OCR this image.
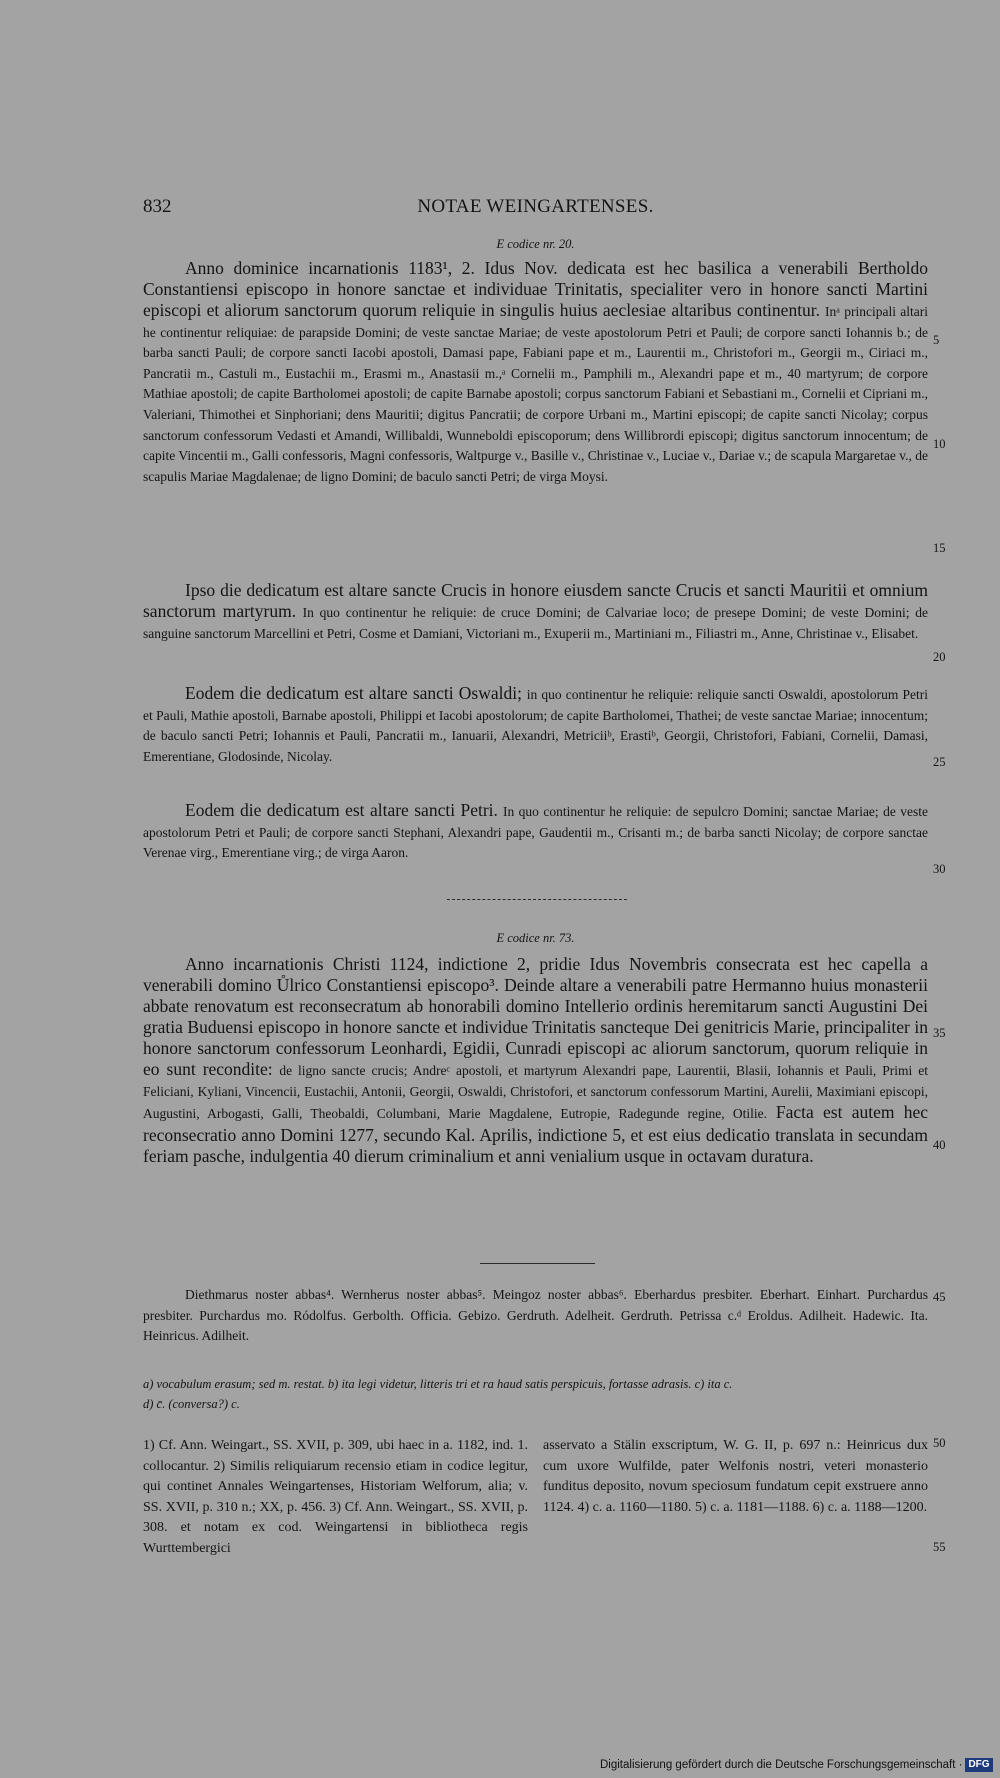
832	NOTAE WEINGARTENSES.
E codice nr. 20.

Anno dominice incarnationis 1183¹, 2. Idus Nov. dedicata est hec basilica a venerabili Bertholdo Constantiensi episcopo in honore sanctae et individuae Trinitatis, specialiter vero in honore sancti Martini episcopi et aliorum sanctorum quorum reliquie in singulis huius aeclesiae altaribus continentur. Inᵃ principali altari he continentur reliquiae: de parapside Domini; de veste sanctae Mariae; de veste apostolorum Petri et Pauli; de corpore sancti Iohannis b.; de barba sancti Pauli; de corpore sancti Iacobi apostoli, Damasi pape, Fabiani pape et m., Laurentii m., Christofori m., Georgii m., Ciriaci m., Pancratii m., Castuli m., Eustachii m., Erasmi m., Anastasii m.,ᵃ Cornelii m., Pamphili m., Alexandri pape et m., 40 martyrum; de corpore Mathiae apostoli; de capite Bartholomei apostoli; de capite Barnabe apostoli; corpus sanctorum Fabiani et Sebastiani m., Cornelii et Cipriani m., Valeriani, Thimothei et Sinphoriani; dens Mauritii; digitus Pancratii; de corpore Urbani m., Martini episcopi; de capite sancti Nicolay; corpus sanctorum confessorum Vedasti et Amandi, Willibaldi, Wunneboldi episcoporum; dens Willibrordi episcopi; digitus sanctorum innocentum; de capite Vincentii m., Galli confessoris, Magni confessoris, Waltpurge v., Basille v., Christinae v., Luciae v., Dariae v.; de scapula Margaretae v., de scapulis Mariae Magdalenae; de ligno Domini; de baculo sancti Petri; de virga Moysi.

Ipso die dedicatum est altare sancte Crucis in honore eiusdem sancte Crucis et sancti Mauritii et omnium sanctorum martyrum. In quo continentur he reliquie: de cruce Domini; de Calvariae loco; de presepe Domini; de veste Domini; de sanguine sanctorum Marcellini et Petri, Cosme et Damiani, Victoriani m., Exuperii m., Martiniani m., Filiastri m., Anne, Christinae v., Elisabet.

Eodem die dedicatum est altare sancti Oswaldi; in quo continentur he reliquie: reliquie sancti Oswaldi, apostolorum Petri et Pauli, Mathie apostoli, Barnabe apostoli, Philippi et Iacobi apostolorum; de capite Bartholomei, Thathei; de veste sanctae Mariae; innocentum; de baculo sancti Petri; Iohannis et Pauli, Pancratii m., Ianuarii, Alexandri, Metriciiᵇ, Erastiᵇ, Georgii, Christofori, Fabiani, Cornelii, Damasi, Emerentiane, Glodosinde, Nicolay.

Eodem die dedicatum est altare sancti Petri. In quo continentur he reliquie: de sepulcro Domini; sanctae Mariae; de veste apostolorum Petri et Pauli; de corpore sancti Stephani, Alexandri pape, Gaudentii m., Crisanti m.; de barba sancti Nicolay; de corpore sanctae Verenae virg., Emerentiane virg.; de virga Aaron.

E codice nr. 73.

Anno incarnationis Christi 1124, indictione 2, pridie Idus Novembris consecrata est hec capella a venerabili domino Ůlrico Constantiensi episcopo³. Deinde altare a venerabili patre Hermanno huius monasterii abbate renovatum est reconsecratum ab honorabili domino Intellerio ordinis heremitarum sancti Augustini Dei gratia Buduensi episcopo in honore sancte et individue Trinitatis sancteque Dei genitricis Marie, principaliter in honore sanctorum confessorum Leonhardi, Egidii, Cunradi episcopi ac aliorum sanctorum, quorum reliquie in eo sunt recondite: de ligno sancte crucis; Andreᶜ apostoli, et martyrum Alexandri pape, Laurentii, Blasii, Iohannis et Pauli, Primi et Feliciani, Kyliani, Vincencii, Eustachii, Antonii, Georgii, Oswaldi, Christofori, et sanctorum confessorum Martini, Aurelii, Maximiani episcopi, Augustini, Arbogasti, Galli, Theobaldi, Columbani, Marie Magdalene, Eutropie, Radegunde regine, Otilie. Facta est autem hec reconsecratio anno Domini 1277, secundo Kal. Aprilis, indictione 5, et est eius dedicatio translata in secundam feriam pasche, indulgentia 40 dierum criminalium et anni venialium usque in octavam duratura.

Diethmarus noster abbas⁴. Wernherus noster abbas⁵. Meingoz noster abbas⁶. Eberhardus presbiter. Eberhart. Einhart. Purchardus presbiter. Purchardus mo. Ródolfus. Gerbolth. Officia. Gebizo. Gerdruth. Adelheit. Gerdruth. Petrissa c.ᵈ Eroldus. Adilheit. Hadewic. Ita. Heinricus. Adilheit.

a) vocabulum erasum; sed m. restat. b) ita legi videtur, litteris tri et ra haud satis perspicuis, fortasse adrasis. c) ita c.
d) c̄. (conversa?) c.

1) Cf. Ann. Weingart., SS. XVII, p. 309, ubi haec in a. 1182, ind. 1. collocantur. 2) Similis reliquiarum recensio etiam in codice legitur, qui continet Annales Weingartenses, Historiam Welforum, alia; v. SS. XVII, p. 310 n.; XX, p. 456. 3) Cf. Ann. Weingart., SS. XVII, p. 308. et notam ex cod. Weingartensi in bibliotheca regis Wurttembergici

asservato a Stälin exscriptum, W. G. II, p. 697 n.: Heinricus dux cum uxore Wulfilde, pater Welfonis nostri, veteri monasterio funditus deposito, novum speciosum fundatum cepit exstruere anno 1124. 4) c. a. 1160—1180. 5) c. a. 1181—1188. 6) c. a. 1188—1200.

5
10
15
20
25
30
35
40
45
50
55
Digitalisierung gefördert durch die Deutsche Forschungsgemeinschaft · DFG
